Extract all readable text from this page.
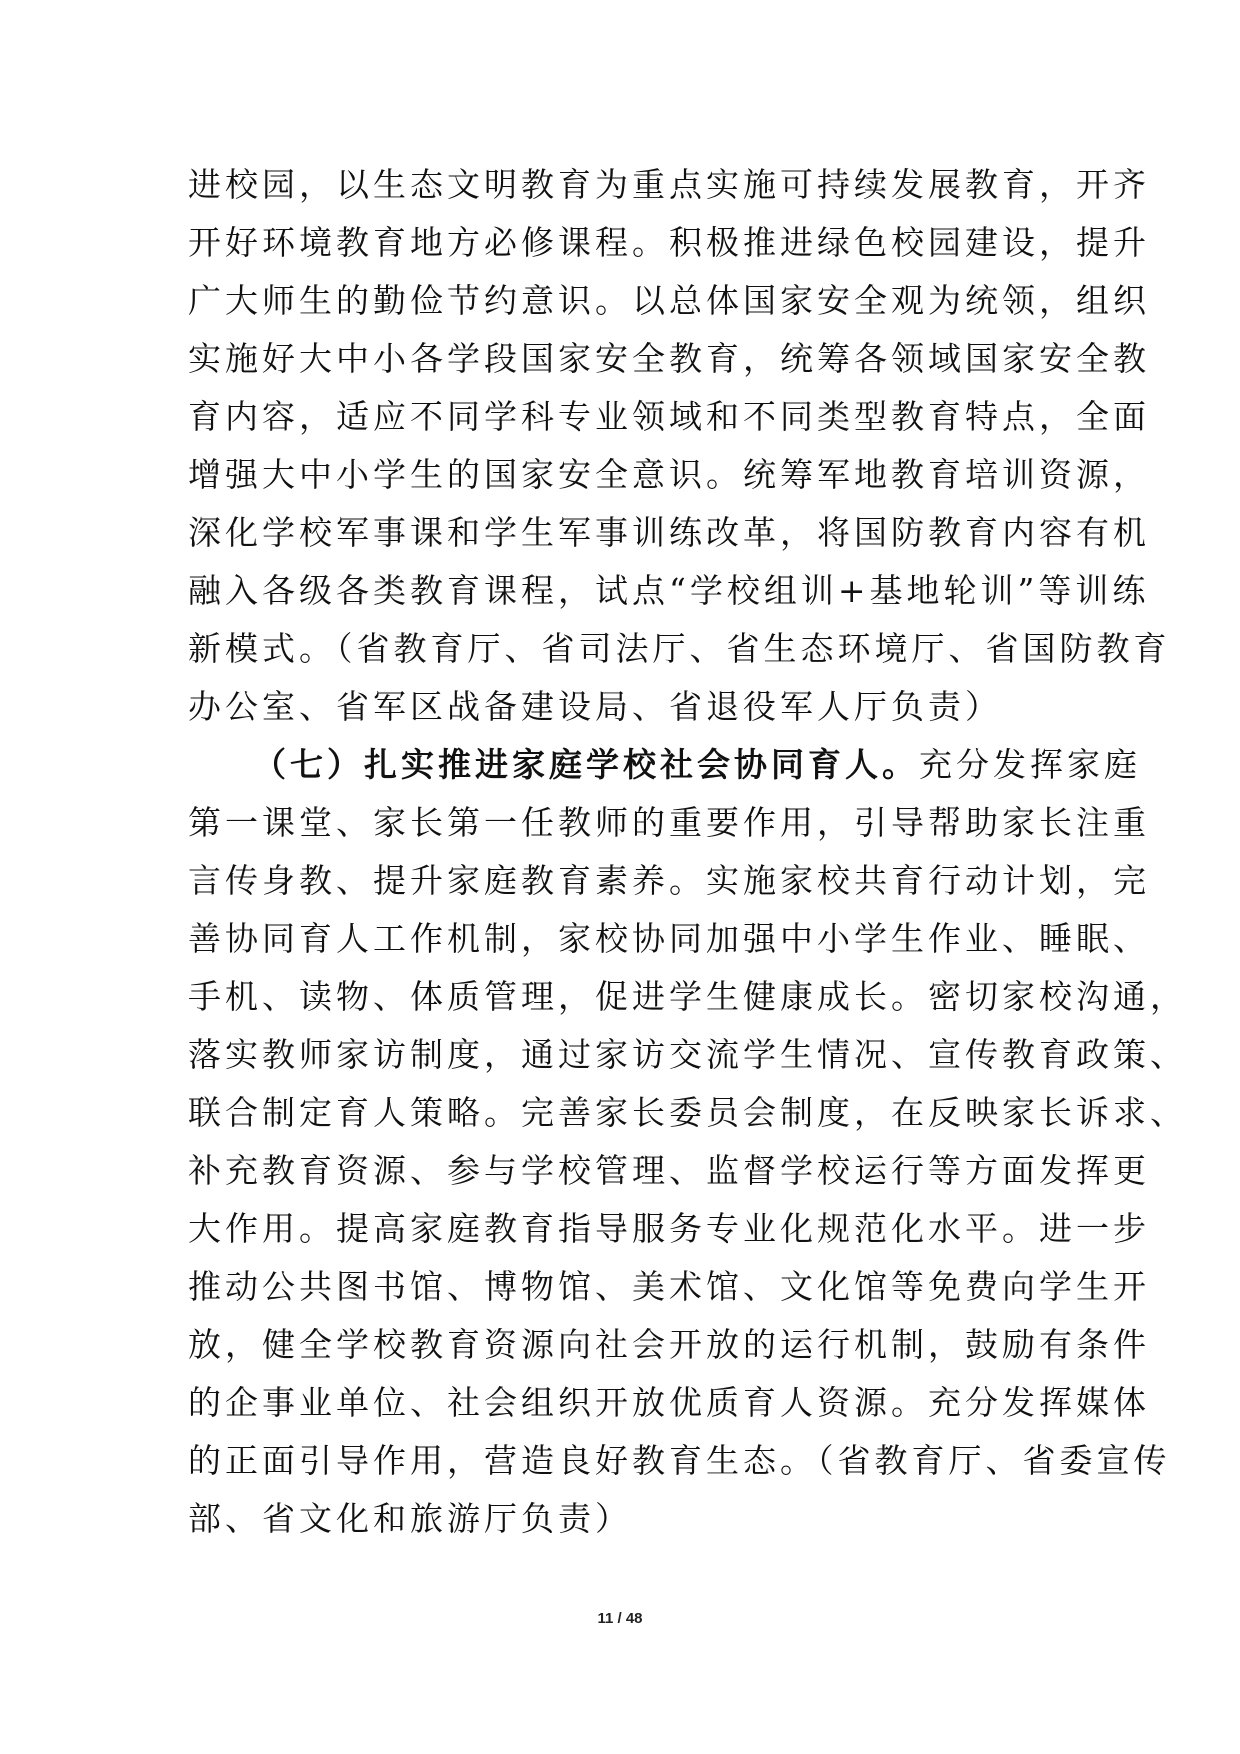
进校园，以生态文明教育为重点实施可持续发展教育，开齐
开好环境教育地方必修课程。积极推进绿色校园建设，提升
广大师生的勤俭节约意识。以总体国家安全观为统领，组织
实施好大中小各学段国家安全教育，统筹各领域国家安全教
育内容，适应不同学科专业领域和不同类型教育特点，全面
增强大中小学生的国家安全意识。统筹军地教育培训资源，
深化学校军事课和学生军事训练改革，将国防教育内容有机
融入各级各类教育课程，试点“学校组训+基地轮训”等训练
新模式。（省教育厅、省司法厅、省生态环境厅、省国防教育
办公室、省军区战备建设局、省退役军人厅负责）
（七）扎实推进家庭学校社会协同育人。充分发挥家庭
第一课堂、家长第一任教师的重要作用，引导帮助家长注重
言传身教、提升家庭教育素养。实施家校共育行动计划，完
善协同育人工作机制，家校协同加强中小学生作业、睡眠、
手机、读物、体质管理，促进学生健康成长。密切家校沟通，
落实教师家访制度，通过家访交流学生情况、宣传教育政策、
联合制定育人策略。完善家长委员会制度，在反映家长诉求、
补充教育资源、参与学校管理、监督学校运行等方面发挥更
大作用。提高家庭教育指导服务专业化规范化水平。进一步
推动公共图书馆、博物馆、美术馆、文化馆等免费向学生开
放，健全学校教育资源向社会开放的运行机制，鼓励有条件
的企事业单位、社会组织开放优质育人资源。充分发挥媒体
的正面引导作用，营造良好教育生态。（省教育厅、省委宣传
部、省文化和旅游厅负责）
11 / 48
